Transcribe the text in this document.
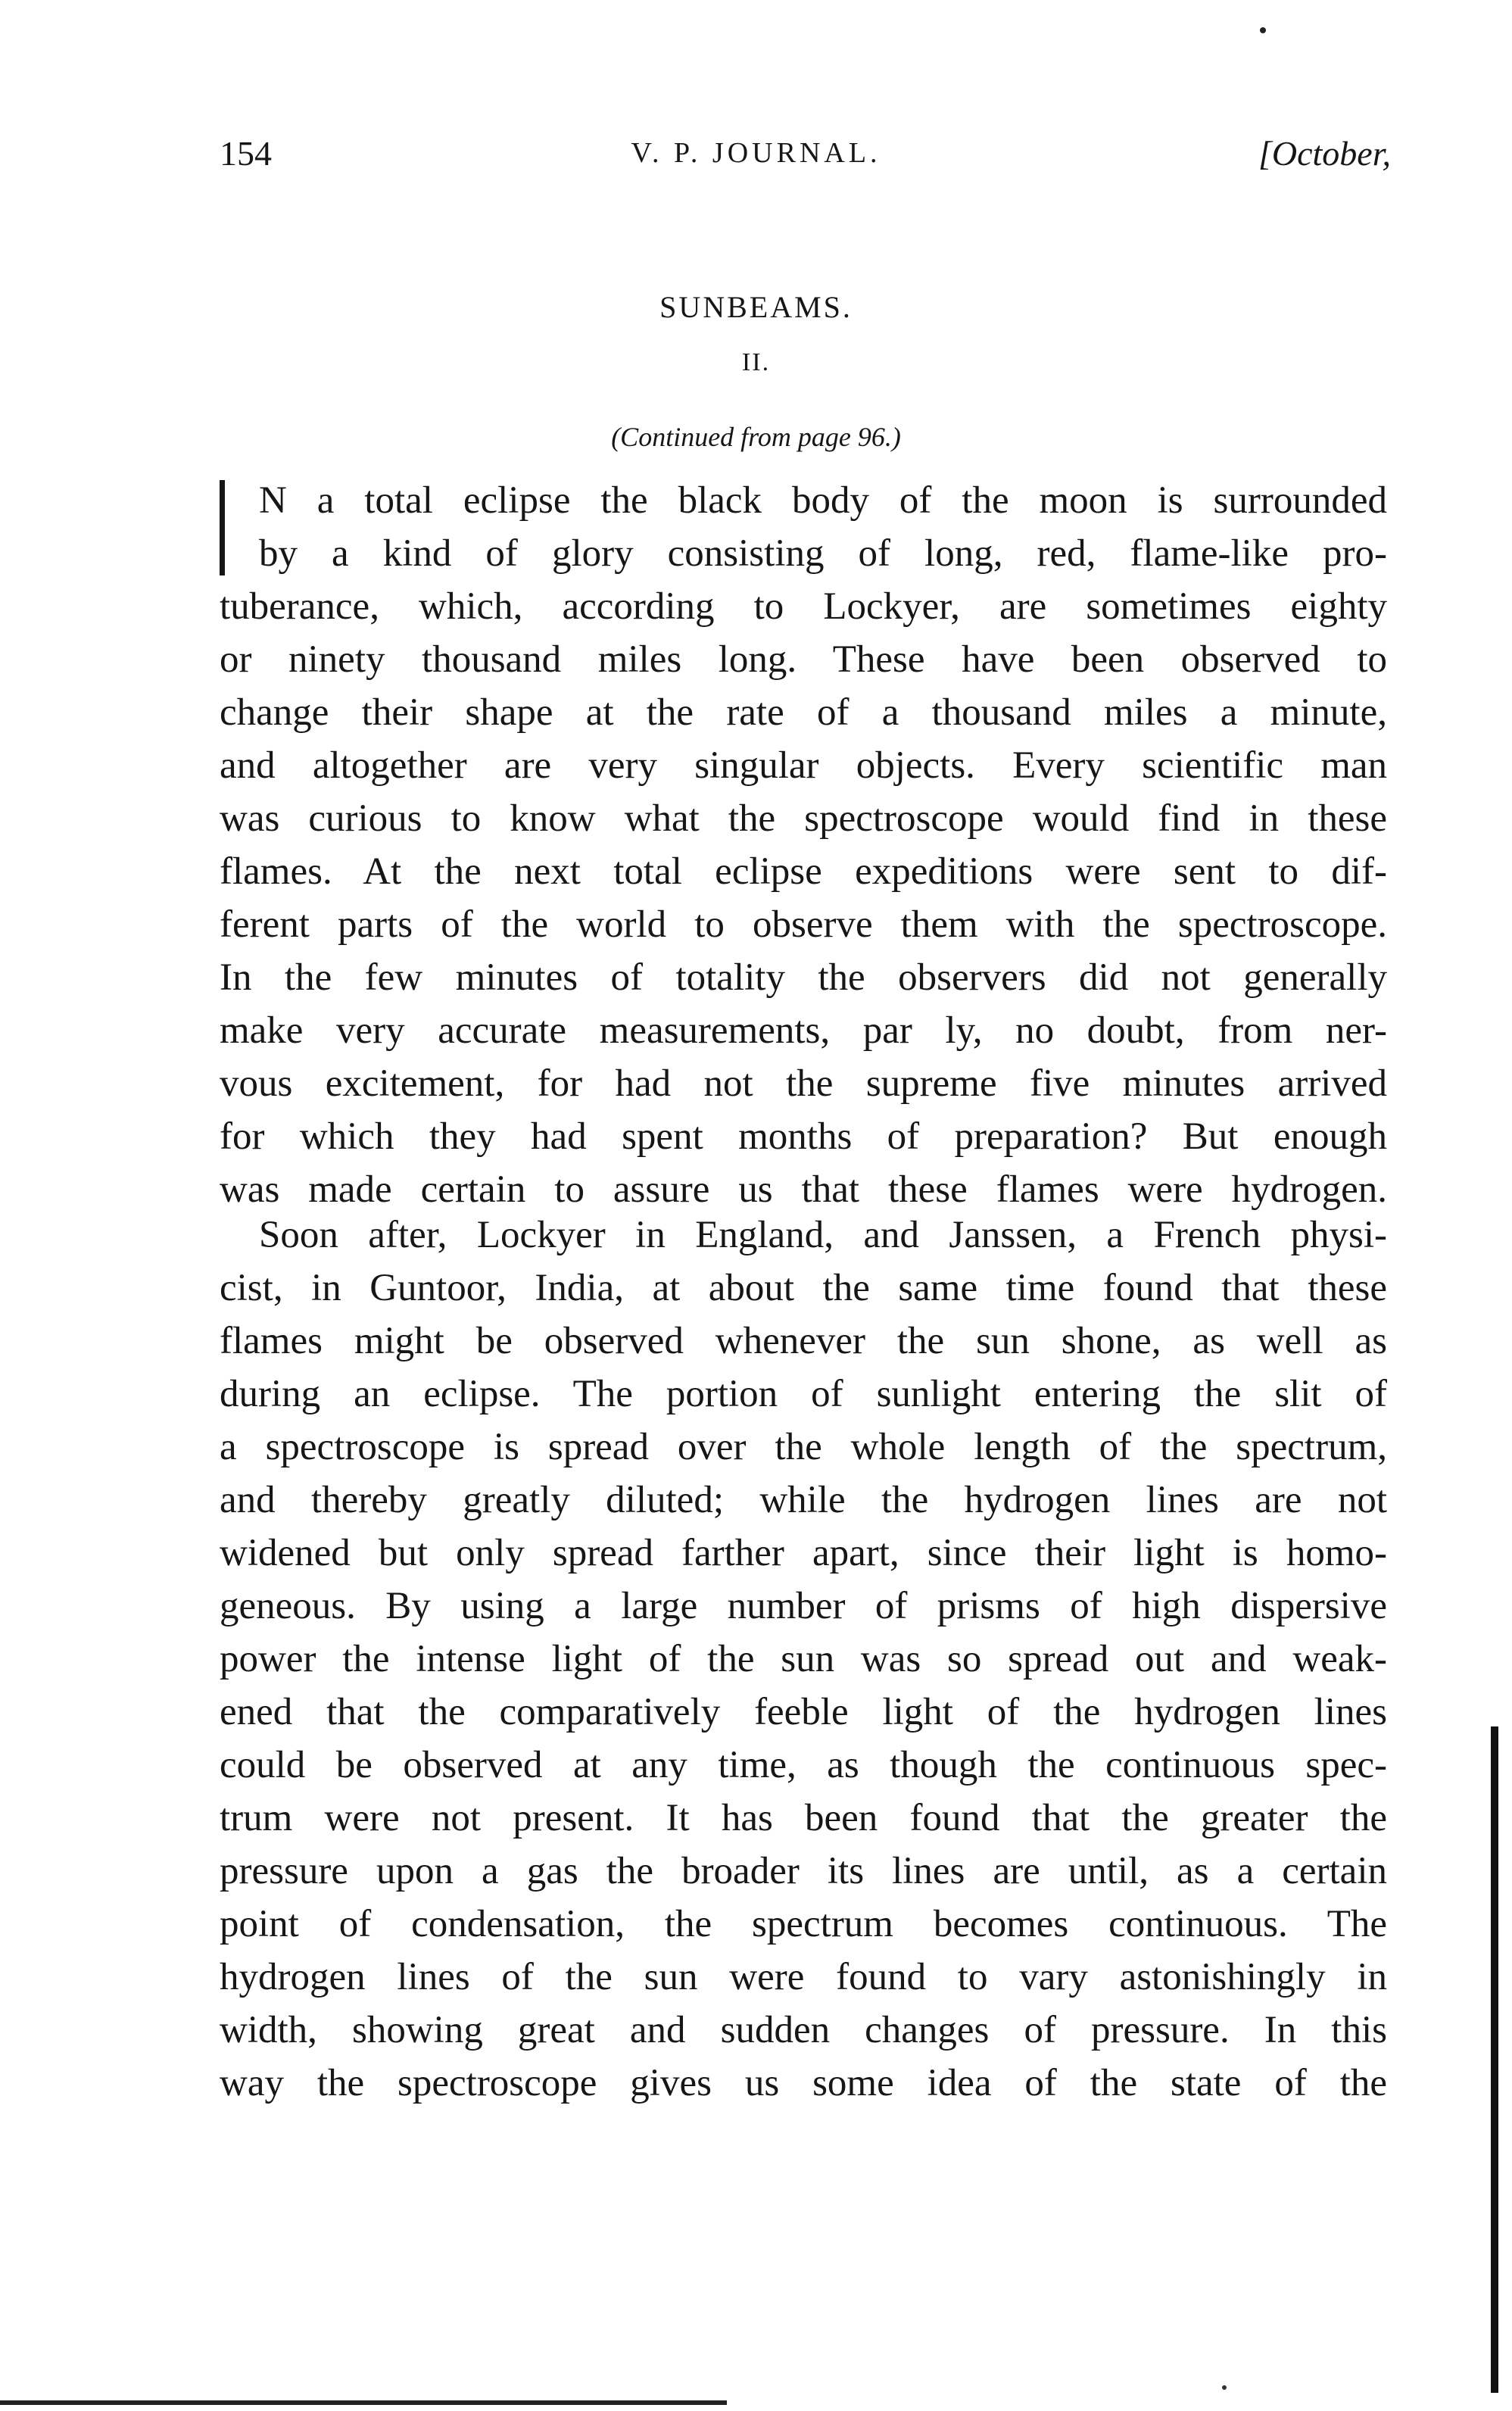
154	V. P. JOURNAL.	[October,
SUNBEAMS.
II.
(Continued from page 96.)
N a total eclipse the black body of the moon is surrounded
by a kind of glory consisting of long, red, flame-like pro-
tuberance, which, according to Lockyer, are sometimes eighty
or ninety thousand miles long. These have been observed to
change their shape at the rate of a thousand miles a minute,
and altogether are very singular objects. Every scientific man
was curious to know what the spectroscope would find in these
flames. At the next total eclipse expeditions were sent to dif-
ferent parts of the world to observe them with the spectroscope.
In the few minutes of totality the observers did not generally
make very accurate measurements, par ly, no doubt, from ner-
vous excitement, for had not the supreme five minutes arrived
for which they had spent months of preparation? But enough
was made certain to assure us that these flames were hydrogen.
Soon after, Lockyer in England, and Janssen, a French physi-
cist, in Guntoor, India, at about the same time found that these
flames might be observed whenever the sun shone, as well as
during an eclipse. The portion of sunlight entering the slit of
a spectroscope is spread over the whole length of the spectrum,
and thereby greatly diluted; while the hydrogen lines are not
widened but only spread farther apart, since their light is homo-
geneous. By using a large number of prisms of high dispersive
power the intense light of the sun was so spread out and weak-
ened that the comparatively feeble light of the hydrogen lines
could be observed at any time, as though the continuous spec-
trum were not present. It has been found that the greater the
pressure upon a gas the broader its lines are until, as a certain
point of condensation, the spectrum becomes continuous. The
hydrogen lines of the sun were found to vary astonishingly in
width, showing great and sudden changes of pressure. In this
way the spectroscope gives us some idea of the state of the
